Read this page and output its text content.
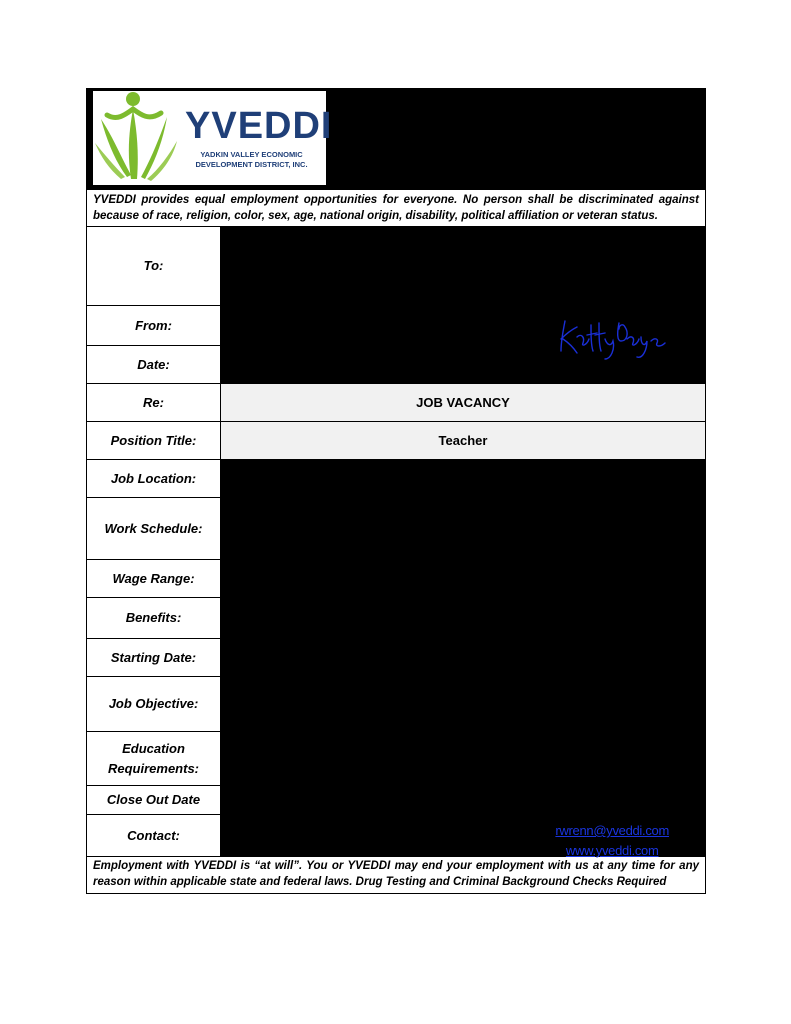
YVEDDI
YADKIN VALLEY ECONOMIC
DEVELOPMENT DISTRICT, INC.
YVEDDI provides equal employment opportunities for everyone. No person shall be discriminated against because of race, religion, color, sex, age, national origin, disability, political affiliation or veteran status.
To:
From:
Date:
Re:	JOB VACANCY
Position Title:	Teacher
Job Location:
Work Schedule:
Wage Range:
Benefits:
Starting Date:
Job Objective:
Education
Requirements:
Close Out Date
Contact:	rwrenn@yveddi.com
www.yveddi.com
Employment with YVEDDI is “at will”. You or YVEDDI may end your employment with us at any time for any reason within applicable state and federal laws. Drug Testing and Criminal Background Checks Required
